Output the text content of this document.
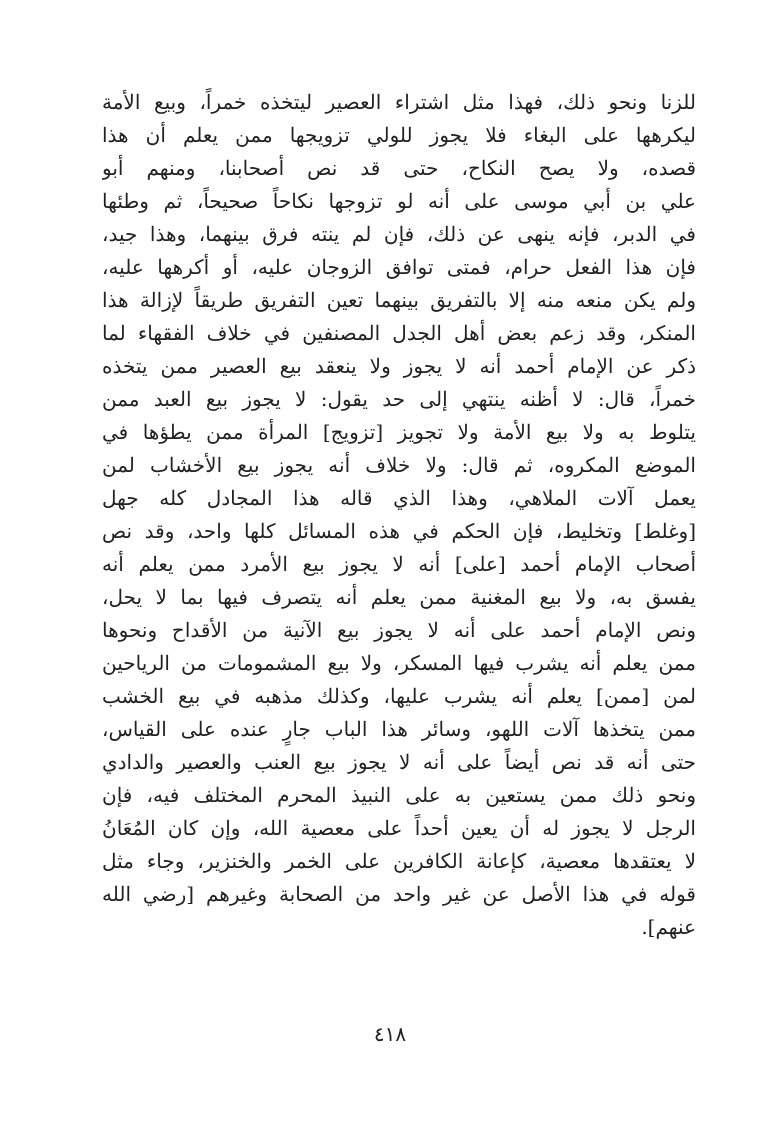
للزنا ونحو ذلك، فهذا مثل اشتراء العصير ليتخذه خمراً، وبيع الأمة
ليكرهها على البغاء فلا يجوز للولي تزويجها ممن يعلم أن هذا
قصده، ولا يصح النكاح، حتى قد نص أصحابنا، ومنهم أبو
علي بن أبي موسى على أنه لو تزوجها نكاحاً صحيحاً، ثم وطئها
في الدبر، فإنه ينهى عن ذلك، فإن لم ينته فرق بينهما، وهذا جيد،
فإن هذا الفعل حرام، فمتى توافق الزوجان عليه، أو أكرهها عليه،
ولم يكن منعه منه إلا بالتفريق بينهما تعين التفريق طريقاً لإزالة هذا
المنكر، وقد زعم بعض أهل الجدل المصنفين في خلاف الفقهاء لما
ذكر عن الإمام أحمد أنه لا يجوز ولا ينعقد بيع العصير ممن يتخذه
خمراً، قال: لا أظنه ينتهي إلى حد يقول: لا يجوز بيع العبد ممن
يتلوط به ولا بيع الأمة ولا تجويز [تزويج] المرأة ممن يطؤها في
الموضع المكروه، ثم قال: ولا خلاف أنه يجوز بيع الأخشاب لمن
يعمل آلات الملاهي، وهذا الذي قاله هذا المجادل كله جهل
[وغلط] وتخليط، فإن الحكم في هذه المسائل كلها واحد، وقد نص
أصحاب الإمام أحمد [على] أنه لا يجوز بيع الأمرد ممن يعلم أنه
يفسق به، ولا بيع المغنية ممن يعلم أنه يتصرف فيها بما لا يحل،
ونص الإمام أحمد على أنه لا يجوز بيع الآنية من الأقداح ونحوها
ممن يعلم أنه يشرب فيها المسكر، ولا بيع المشمومات من الرياحين
لمن [ممن] يعلم أنه يشرب عليها، وكذلك مذهبه في بيع الخشب
ممن يتخذها آلات اللهو، وسائر هذا الباب جارٍ عنده على القياس،
حتى أنه قد نص أيضاً على أنه لا يجوز بيع العنب والعصير والدادي
ونحو ذلك ممن يستعين به على النبيذ المحرم المختلف فيه، فإن
الرجل لا يجوز له أن يعين أحداً على معصية الله، وإن كان المُعَانُ
لا يعتقدها معصية، كإعانة الكافرين على الخمر والخنزير، وجاء مثل
قوله في هذا الأصل عن غير واحد من الصحابة وغيرهم [رضي الله
عنهم].
٤١٨
